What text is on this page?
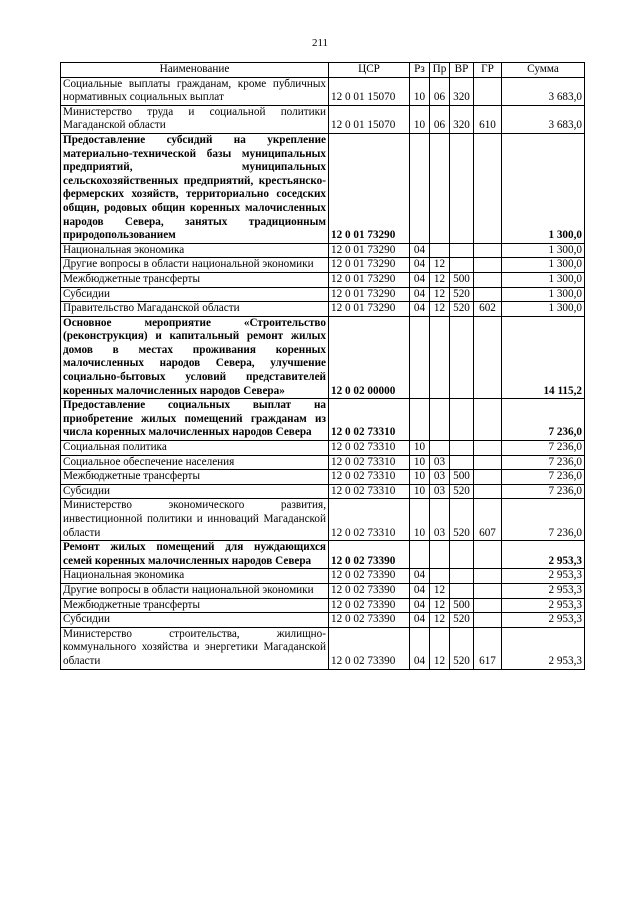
211
Наименование	ЦСР	Рз	Пр	ВР	ГР	Сумма
Социальные выплаты гражданам, кроме публичных нормативных социальных выплат	12 0 01 15070	10	06	320		3 683,0
Министерство труда и социальной политики Магаданской области	12 0 01 15070	10	06	320	610	3 683,0
Предоставление субсидий на укрепление материально-технической базы муниципальных предприятий, муниципальных сельскохозяйственных предприятий, крестьянско-фермерских хозяйств, территориально соседских общин, родовых общин коренных малочисленных народов Севера, занятых традиционным природопользованием	12 0 01 73290					1 300,0
Национальная экономика	12 0 01 73290	04				1 300,0
Другие вопросы в области национальной экономики	12 0 01 73290	04	12			1 300,0
Межбюджетные трансферты	12 0 01 73290	04	12	500		1 300,0
Субсидии	12 0 01 73290	04	12	520		1 300,0
Правительство Магаданской области	12 0 01 73290	04	12	520	602	1 300,0
Основное мероприятие «Строительство (реконструкция) и капитальный ремонт жилых домов в местах проживания коренных малочисленных народов Севера, улучшение социально-бытовых условий представителей коренных малочисленных народов Севера»	12 0 02 00000					14 115,2
Предоставление социальных выплат на приобретение жилых помещений гражданам из числа коренных малочисленных народов Севера	12 0 02 73310					7 236,0
Социальная политика	12 0 02 73310	10				7 236,0
Социальное обеспечение населения	12 0 02 73310	10	03			7 236,0
Межбюджетные трансферты	12 0 02 73310	10	03	500		7 236,0
Субсидии	12 0 02 73310	10	03	520		7 236,0
Министерство экономического развития, инвестиционной политики и инноваций Магаданской области	12 0 02 73310	10	03	520	607	7 236,0
Ремонт жилых помещений для нуждающихся семей коренных малочисленных народов Севера	12 0 02 73390					2 953,3
Национальная экономика	12 0 02 73390	04				2 953,3
Другие вопросы в области национальной экономики	12 0 02 73390	04	12			2 953,3
Межбюджетные трансферты	12 0 02 73390	04	12	500		2 953,3
Субсидии	12 0 02 73390	04	12	520		2 953,3
Министерство строительства, жилищно-коммунального хозяйства и энергетики Магаданской области	12 0 02 73390	04	12	520	617	2 953,3
